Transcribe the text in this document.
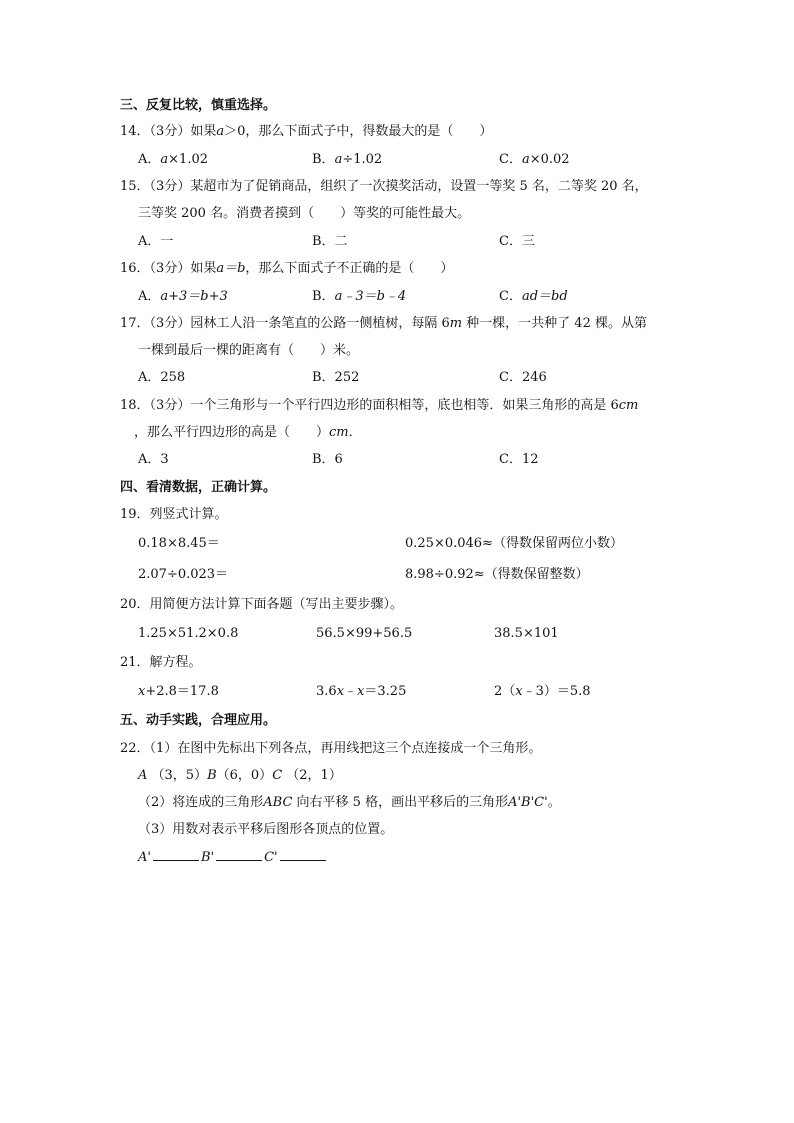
三、反复比较，慎重选择。
14．（3分）如果a＞0，那么下面式子中，得数最大的是（　　）
A．a×1.02	B．a÷1.02	C．a×0.02
15．（3分）某超市为了促销商品，组织了一次摸奖活动，设置一等奖 5 名，二等奖 20 名，
三等奖 200 名。消费者摸到（　　）等奖的可能性最大。
A．一	B．二	C．三
16．（3分）如果a＝b，那么下面式子不正确的是（　　）
A．a+3＝b+3	B．a﹣3＝b﹣4	C．ad＝bd
17．（3分）园林工人沿一条笔直的公路一侧植树，每隔 6m 种一棵，一共种了 42 棵。从第
一棵到最后一棵的距离有（　　）米。
A．258	B．252	C．246
18．（3分）一个三角形与一个平行四边形的面积相等，底也相等．如果三角形的高是 6cm
，那么平行四边形的高是（　　）cm．
A．3	B．6	C．12
四、看清数据，正确计算。
19．列竖式计算。
0.18×8.45＝	0.25×0.046≈（得数保留两位小数）
2.07÷0.023＝	8.98÷0.92≈（得数保留整数）
20．用简便方法计算下面各题（写出主要步骤）。
1.25×51.2×0.8	56.5×99+56.5	38.5×101
21．解方程。
x+2.8＝17.8	3.6x﹣x＝3.25	2（x﹣3）＝5.8
五、动手实践，合理应用。
22．（1）在图中先标出下列各点，再用线把这三个点连接成一个三角形。
A （3，5）B（6，0）C （2，1）
（2）将连成的三角形ABC 向右平移 5 格，画出平移后的三角形A'B'C'。
（3）用数对表示平移后图形各顶点的位置。
A'	B'	C'
